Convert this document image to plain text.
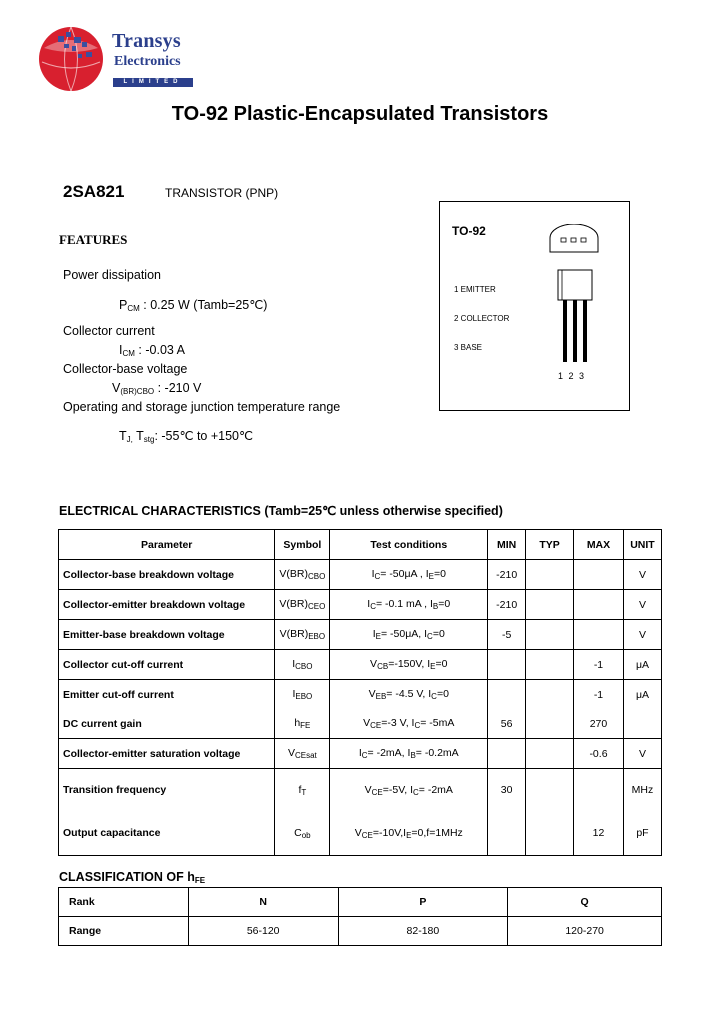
Transys
Electronics
LIMITED
TO-92 Plastic-Encapsulated Transistors
2SA821	TRANSISTOR (PNP)
FEATURES
Power dissipation
$P_{CM}$ : 0.25 W (Tamb=25℃)
Collector current
$I_{CM}$ : -0.03 A
Collector-base voltage
$V_{(BR)CBO}$ : -210 V
Operating and storage junction temperature range
$T_{J,}$ $T_{stg}$: -55℃ to +150℃
TO-92
1 EMITTER
2 COLLECTOR
3 BASE
1 2 3
ELECTRICAL CHARACTERISTICS (Tamb=25℃ unless otherwise specified)
Parameter	Symbol	Test conditions	MIN	TYP	MAX	UNIT
Collector-base breakdown voltage	$V(BR)_{CBO}$	$I_C= -50\mu A$ , $I_E=0$	-210			V
Collector-emitter breakdown voltage	$V(BR)_{CEO}$	$I_C= -0.1$ mA , $I_B=0$	-210			V
Emitter-base breakdown voltage	$V(BR)_{EBO}$	$I_E= -50\mu A$, $I_C=0$	-5			V
Collector cut-off current	$I_{CBO}$	$V_{CB}=-150V$, $I_E=0$			-1	μA
Emitter cut-off current	$I_{EBO}$	$V_{EB}= -4.5$ V, $I_C=0$			-1	μA
DC current gain	$h_{FE}$	$V_{CE}=-3$ V, $I_C= -5mA$	56		270	
Collector-emitter saturation voltage	$V_{CEsat}$	$I_C= -2mA$, $I_B= -0.2mA$			-0.6	V
Transition frequency	$f_T$	$V_{CE}=-5V$, $I_C= -2mA$	30			MHz
Output capacitance	$C_{ob}$	$V_{CE}=-10V,I_E=0,f=1MHz$			12	pF
CLASSIFICATION OF $h_{FE}$
Rank	N	P	Q
Range	56-120	82-180	120-270
